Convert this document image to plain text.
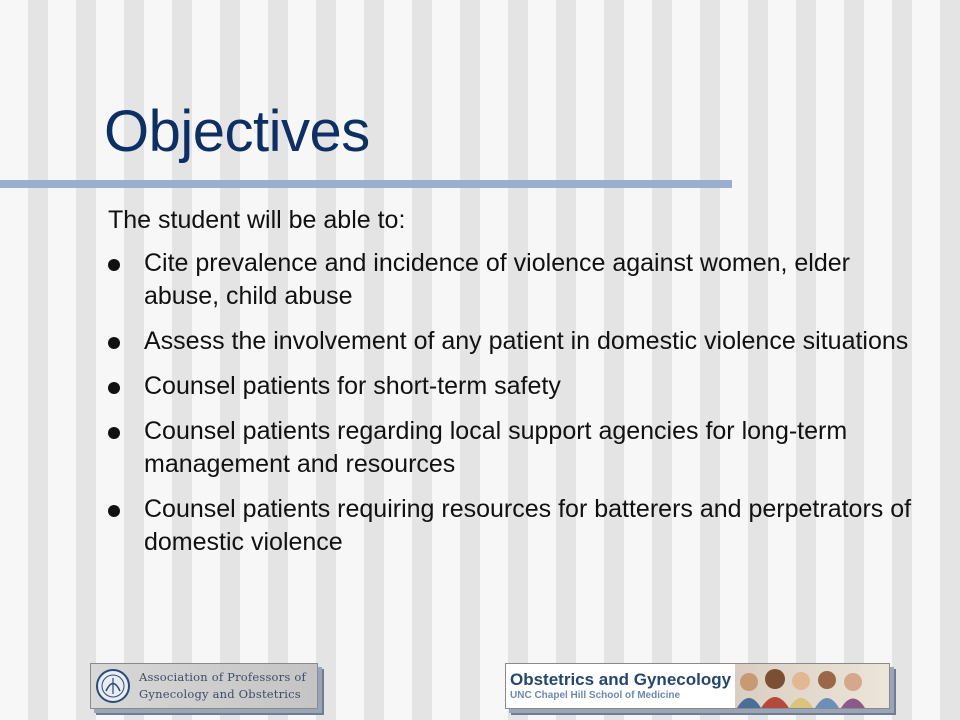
Objectives

The student will be able to:

Cite prevalence and incidence of violence against women, elder abuse, child abuse
Assess the involvement of any patient in domestic violence situations
Counsel patients for short-term safety
Counsel patients regarding local support agencies for long-term management and resources
Counsel patients requiring resources for batterers and perpetrators of domestic violence
Association of Professors of
Gynecology and Obstetrics
Obstetrics and Gynecology
UNC Chapel Hill School of Medicine
